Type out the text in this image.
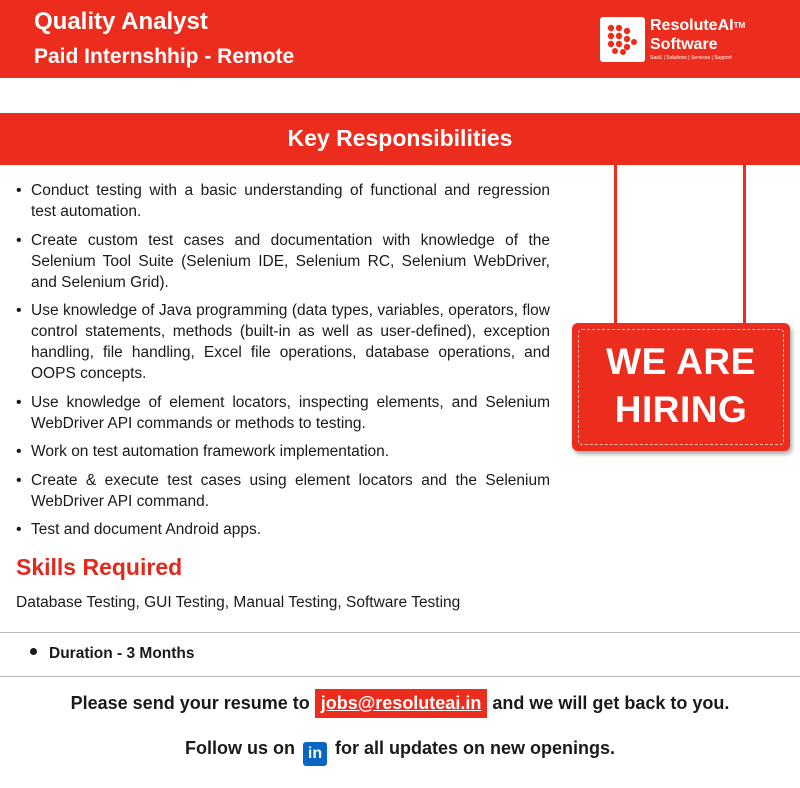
Quality Analyst
Paid Internshhip - Remote
ResoluteAI™
Software
SaaS | Solutions | Services | Support
Key Responsibilities
• Conduct testing with a basic understanding of functional and regression test automation.
• Create custom test cases and documentation with knowledge of the Selenium Tool Suite (Selenium IDE, Selenium RC, Selenium WebDriver, and Selenium Grid).
• Use knowledge of Java programming (data types, variables, operators, flow control statements, methods (built-in as well as user-defined), exception handling, file handling, Excel file operations, database operations, and OOPS concepts.
• Use knowledge of element locators, inspecting elements, and Selenium WebDriver API commands or methods to testing.
• Work on test automation framework implementation.
• Create & execute test cases using element locators and the Selenium WebDriver API command.
• Test and document Android apps.
WE ARE
HIRING
Skills Required
Database Testing, GUI Testing, Manual Testing, Software Testing
Duration - 3 Months
Please send your resume to jobs@resoluteai.in and we will get back to you.
Follow us on in for all updates on new openings.
